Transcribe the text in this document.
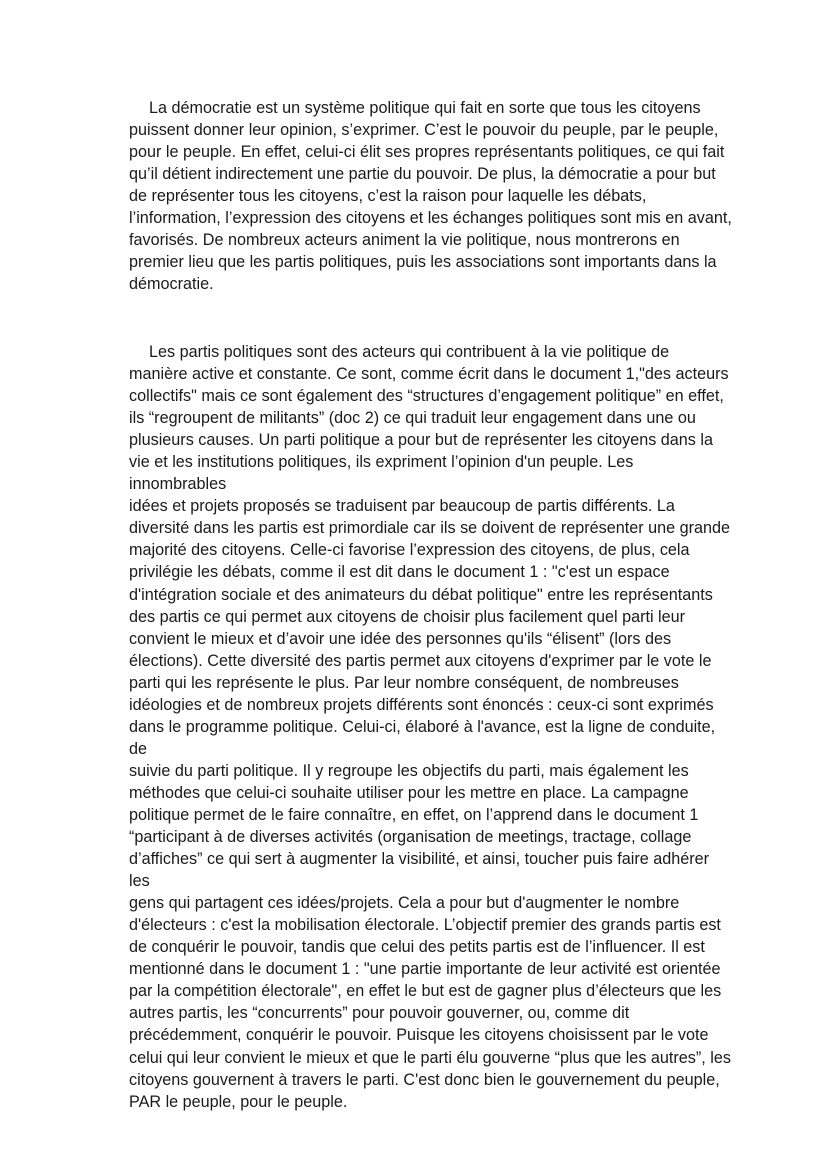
La démocratie est un système politique qui fait en sorte que tous les citoyens
puissent donner leur opinion, s’exprimer. C’est le pouvoir du peuple, par le peuple,
pour le peuple. En effet, celui-ci élit ses propres représentants politiques, ce qui fait
qu’il détient indirectement une partie du pouvoir. De plus, la démocratie a pour but
de représenter tous les citoyens, c’est la raison pour laquelle les débats,
l’information, l’expression des citoyens et les échanges politiques sont mis en avant,
favorisés. De nombreux acteurs animent la vie politique, nous montrerons en
premier lieu que les partis politiques, puis les associations sont importants dans la
démocratie.

Les partis politiques sont des acteurs qui contribuent à la vie politique de
manière active et constante. Ce sont, comme écrit dans le document 1,"des acteurs
collectifs" mais ce sont également des “structures d’engagement politique” en effet,
ils “regroupent de militants” (doc 2) ce qui traduit leur engagement dans une ou
plusieurs causes. Un parti politique a pour but de représenter les citoyens dans la
vie et les institutions politiques, ils expriment l’opinion d'un peuple. Les innombrables
idées et projets proposés se traduisent par beaucoup de partis différents. La
diversité dans les partis est primordiale car ils se doivent de représenter une grande
majorité des citoyens. Celle-ci favorise l’expression des citoyens, de plus, cela
privilégie les débats, comme il est dit dans le document 1 : "c'est un espace
d'intégration sociale et des animateurs du débat politique" entre les représentants
des partis ce qui permet aux citoyens de choisir plus facilement quel parti leur
convient le mieux et d’avoir une idée des personnes qu'ils “élisent” (lors des
élections). Cette diversité des partis permet aux citoyens d'exprimer par le vote le
parti qui les représente le plus. Par leur nombre conséquent, de nombreuses
idéologies et de nombreux projets différents sont énoncés : ceux-ci sont exprimés
dans le programme politique. Celui-ci, élaboré à l'avance, est la ligne de conduite, de
suivie du parti politique. Il y regroupe les objectifs du parti, mais également les
méthodes que celui-ci souhaite utiliser pour les mettre en place. La campagne
politique permet de le faire connaître, en effet, on l’apprend dans le document 1
“participant à de diverses activités (organisation de meetings, tractage, collage
d’affiches” ce qui sert à augmenter la visibilité, et ainsi, toucher puis faire adhérer les
gens qui partagent ces idées/projets. Cela a pour but d'augmenter le nombre
d'électeurs : c'est la mobilisation électorale. L’objectif premier des grands partis est
de conquérir le pouvoir, tandis que celui des petits partis est de l’influencer. Il est
mentionné dans le document 1 : "une partie importante de leur activité est orientée
par la compétition électorale", en effet le but est de gagner plus d’électeurs que les
autres partis, les “concurrents” pour pouvoir gouverner, ou, comme dit
précédemment, conquérir le pouvoir. Puisque les citoyens choisissent par le vote
celui qui leur convient le mieux et que le parti élu gouverne “plus que les autres”, les
citoyens gouvernent à travers le parti. C'est donc bien le gouvernement du peuple,
PAR le peuple, pour le peuple.
